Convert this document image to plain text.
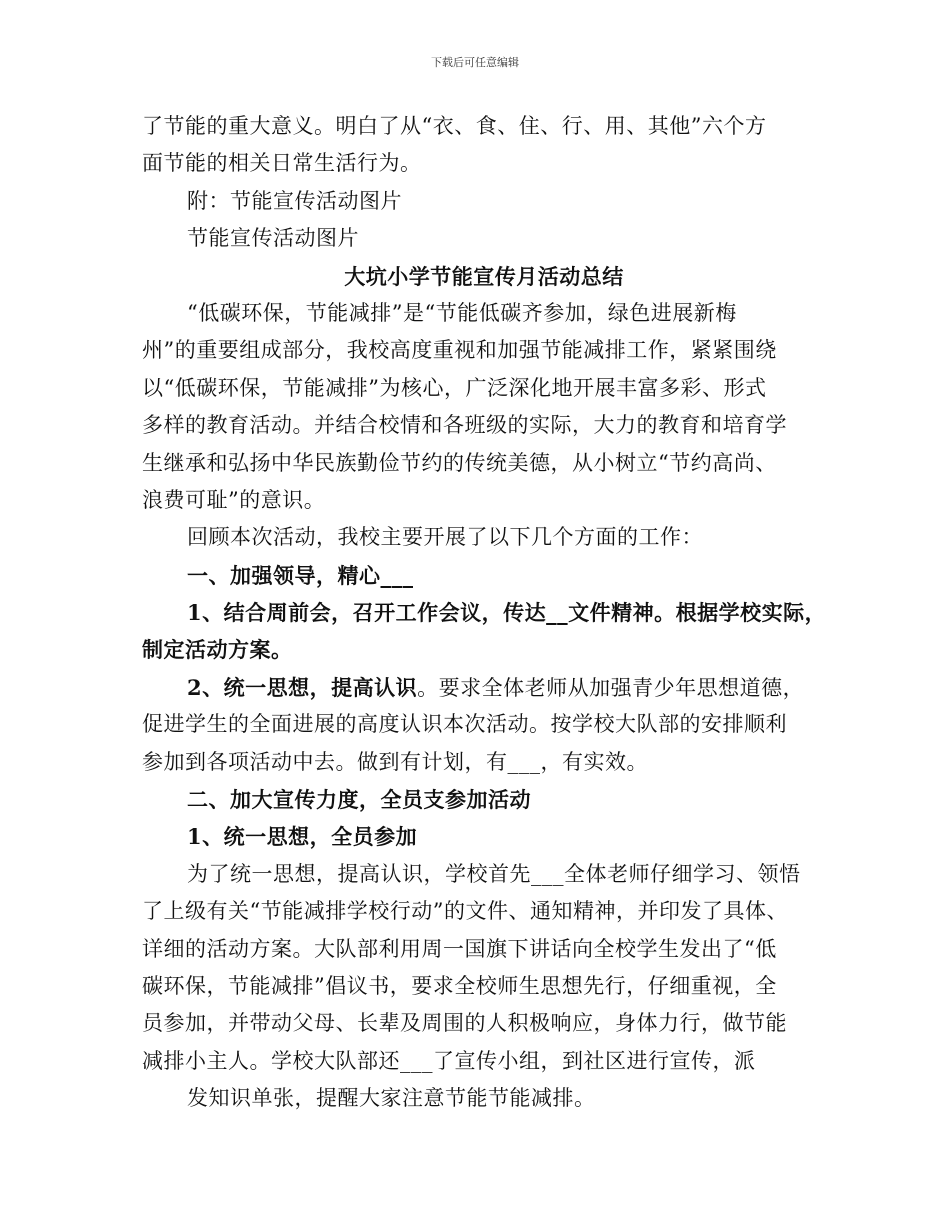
下载后可任意编辑
了节能的重大意义。明白了从“衣、食、住、行、用、其他”六个方
面节能的相关日常生活行为。
附：节能宣传活动图片
节能宣传活动图片
大坑小学节能宣传月活动总结
“低碳环保，节能减排”是“节能低碳齐参加，绿色进展新梅
州”的重要组成部分，我校高度重视和加强节能减排工作，紧紧围绕
以“低碳环保，节能减排”为核心，广泛深化地开展丰富多彩、形式
多样的教育活动。并结合校情和各班级的实际，大力的教育和培育学
生继承和弘扬中华民族勤俭节约的传统美德，从小树立“节约高尚、
浪费可耻”的意识。
回顾本次活动，我校主要开展了以下几个方面的工作：
一、加强领导，精心___
1、结合周前会，召开工作会议，传达__文件精神。根据学校实际，
制定活动方案。
2、统一思想，提高认识。要求全体老师从加强青少年思想道德，
促进学生的全面进展的高度认识本次活动。按学校大队部的安排顺利
参加到各项活动中去。做到有计划，有___，有实效。
二、加大宣传力度，全员支参加活动
1、统一思想，全员参加
为了统一思想，提高认识，学校首先___全体老师仔细学习、领悟
了上级有关“节能减排学校行动”的文件、通知精神，并印发了具体、
详细的活动方案。大队部利用周一国旗下讲话向全校学生发出了“低
碳环保，节能减排”倡议书，要求全校师生思想先行，仔细重视，全
员参加，并带动父母、长辈及周围的人积极响应，身体力行，做节能
减排小主人。学校大队部还___了宣传小组，到社区进行宣传，派
发知识单张，提醒大家注意节能节能减排。
